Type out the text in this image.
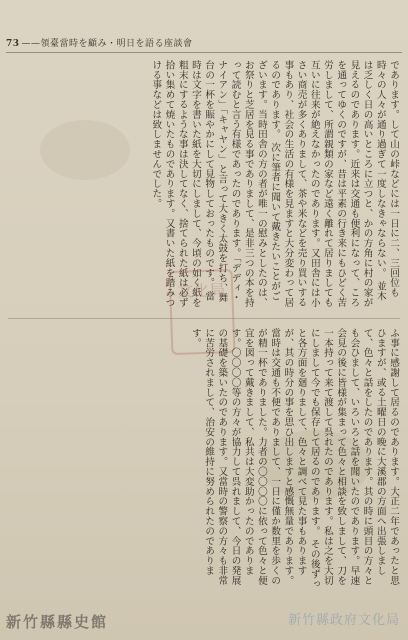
73 ——領臺當時を顧み・明日を語る座談會
であります。して山の峠などには一日に二、三回位も時々の人々が通り過ぎて一度しなきゃならない。 並木は乏しく日の高いところに立つと、かの方角に村の家が見えるのであります。近来は交通も便利になって、ころを通ってゆくのですが、昔は平素の行き来にもひどく苦労しまして、所謂親類の家など遠く離れて居りましても互いに往来が絶えなかったのであります。又田舎には小さい商売が多くありまして、茶や米などを売り買いする事もあり、社会の生活の有様を見ますと大分変わって居るのであります。 次に筆者に聞いて戴きたいことがございます。当時田舎の方の者が唯一の慰みとしたのは、お祭りと芝居を見る事でありまして、是非三つの本を持って読むと言う有様であったのであります。「デディ・ナイアン」「キャヤン」と言って大きく太鼓を打ち、舞台の一杯を賑やかにして見物しておったものです。 當時は文字を書いた紙を大切にしまして、今頃の如く紙を粗末にするような事は決してなく、捨てられた紙は必ず拾い集めて焼いたものであります。又書いた紙を踏みつける事などは致しませんでした。
文化局
ふ事に感謝して居るのであります。大正二年であったと思ひますが、或る土曜日の晩に大溪郡の方面へ出張しまして、色々と話をしたのであります。其の時に頭目の方々とも会ひまして、いろいろと話を聞いたのであります。早速会見の後に皆様が集まって色々と相談を致しまして、刀を一本持って来て渡して呉れたのであります。私は之を大切にしまして今でも保存して居るのであります。 その後ずっと各方面を廻りまして、色々と調べて見た事もありますが、其の時分の事を思ひ出しますと感慨無量であります。當時は交通も不便でありまして、一日に僅か数里を歩くのが精一杯でありました。力者の〇〇〇〇に依って色々と便宜を図って戴きまして、私共は大変助かったのであります。〇〇〇〇等の方々が協力して呉れまして、今日の発展の基礎を築いたのであります。又當時の警察の方々も非常に苦労されまして、治安の維持に努められたのであります。
新竹縣縣史館	新竹縣政府文化局
